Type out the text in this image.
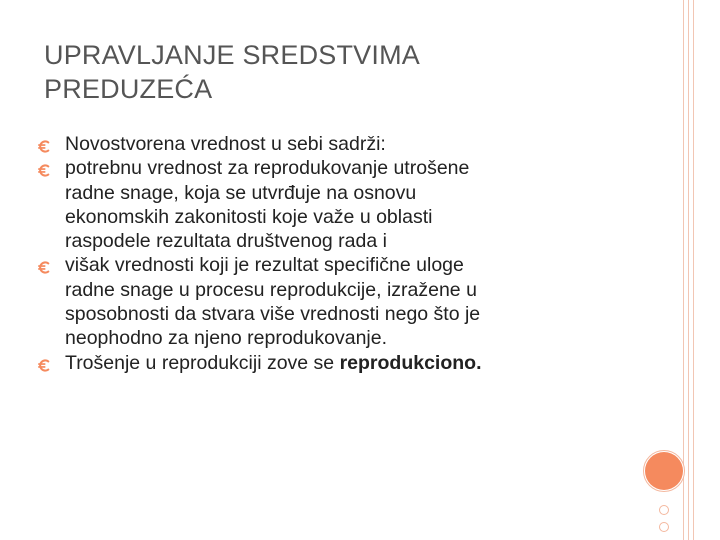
UPRAVLJANJE SREDSTVIMA
PREDUZEĆA
Novostvorena vrednost u sebi sadrži:
potrebnu vrednost za reprodukovanje utrošene
radne snage, koja se utvrđuje na osnovu
ekonomskih zakonitosti koje važe u oblasti
raspodele rezultata društvenog rada i
višak vrednosti koji je rezultat specifične uloge
radne snage u procesu reprodukcije, izražene u
sposobnosti da stvara više vrednosti nego što je
neophodno za njeno reprodukovanje.
Trošenje u reprodukciji zove se reprodukciono.
